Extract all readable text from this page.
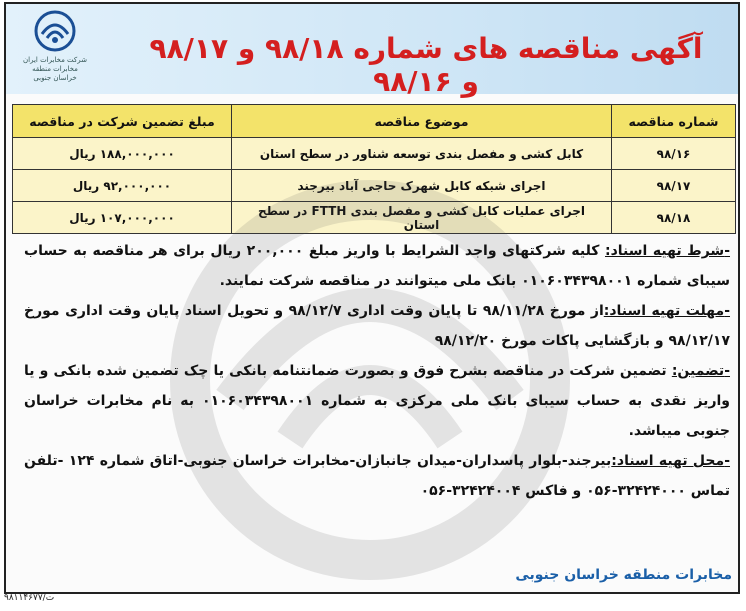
شرکت مخابرات ایران
مخابرات منطقه خراسان جنوبی
آگهی مناقصه های شماره ۹۸/۱۸ و ۹۸/۱۷ و ۹۸/۱۶
شماره مناقصه	موضوع مناقصه	مبلغ تضمین شرکت در مناقصه
۹۸/۱۶	کابل کشی و مفصل بندی توسعه شناور در سطح استان	۱۸۸,۰۰۰,۰۰۰ ریال
۹۸/۱۷	اجرای شبکه کابل شهرک حاجی آباد بیرجند	۹۲,۰۰۰,۰۰۰ ریال
۹۸/۱۸	اجرای عملیات کابل کشی و مفصل بندی FTTH در سطح استان	۱۰۷,۰۰۰,۰۰۰ ریال

- شرط تهیه اسناد: کلیه شرکتهای واجد الشرایط با واریز مبلغ ۲۰۰,۰۰۰ ریال برای هر مناقصه به حساب سیبای شماره ۰۱۰۶۰۳۴۳۹۸۰۰۱ بانک ملی میتوانند در مناقصه شرکت نمایند.

- مهلت تهیه اسناد:از مورخ ۹۸/۱۱/۲۸ تا پایان وقت اداری ۹۸/۱۲/۷ و تحویل اسناد پایان وقت اداری مورخ ۹۸/۱۲/۱۷ و بازگشایی پاکات مورخ ۹۸/۱۲/۲۰

- تضمین: تضمین شرکت در مناقصه بشرح فوق و بصورت ضمانتنامه بانکی یا چک تضمین شده بانکی و یا واریز نقدی به حساب سیبای بانک ملی مرکزی به شماره ۰۱۰۶۰۳۴۳۹۸۰۰۱ به نام مخابرات خراسان جنوبی میباشد.

- محل تهیه اسناد:بیرجند-بلوار پاسداران-میدان جانبازان-مخابرات خراسان جنوبی-اتاق شماره ۱۲۴ -تلفن تماس ۳۲۴۲۴۰۰۰-۰۵۶ و فاکس ۳۲۴۲۴۰۰۴-۰۵۶

مخابرات منطقه خراسان جنوبی
۹۸۱۱۴۶۷۷/ت
